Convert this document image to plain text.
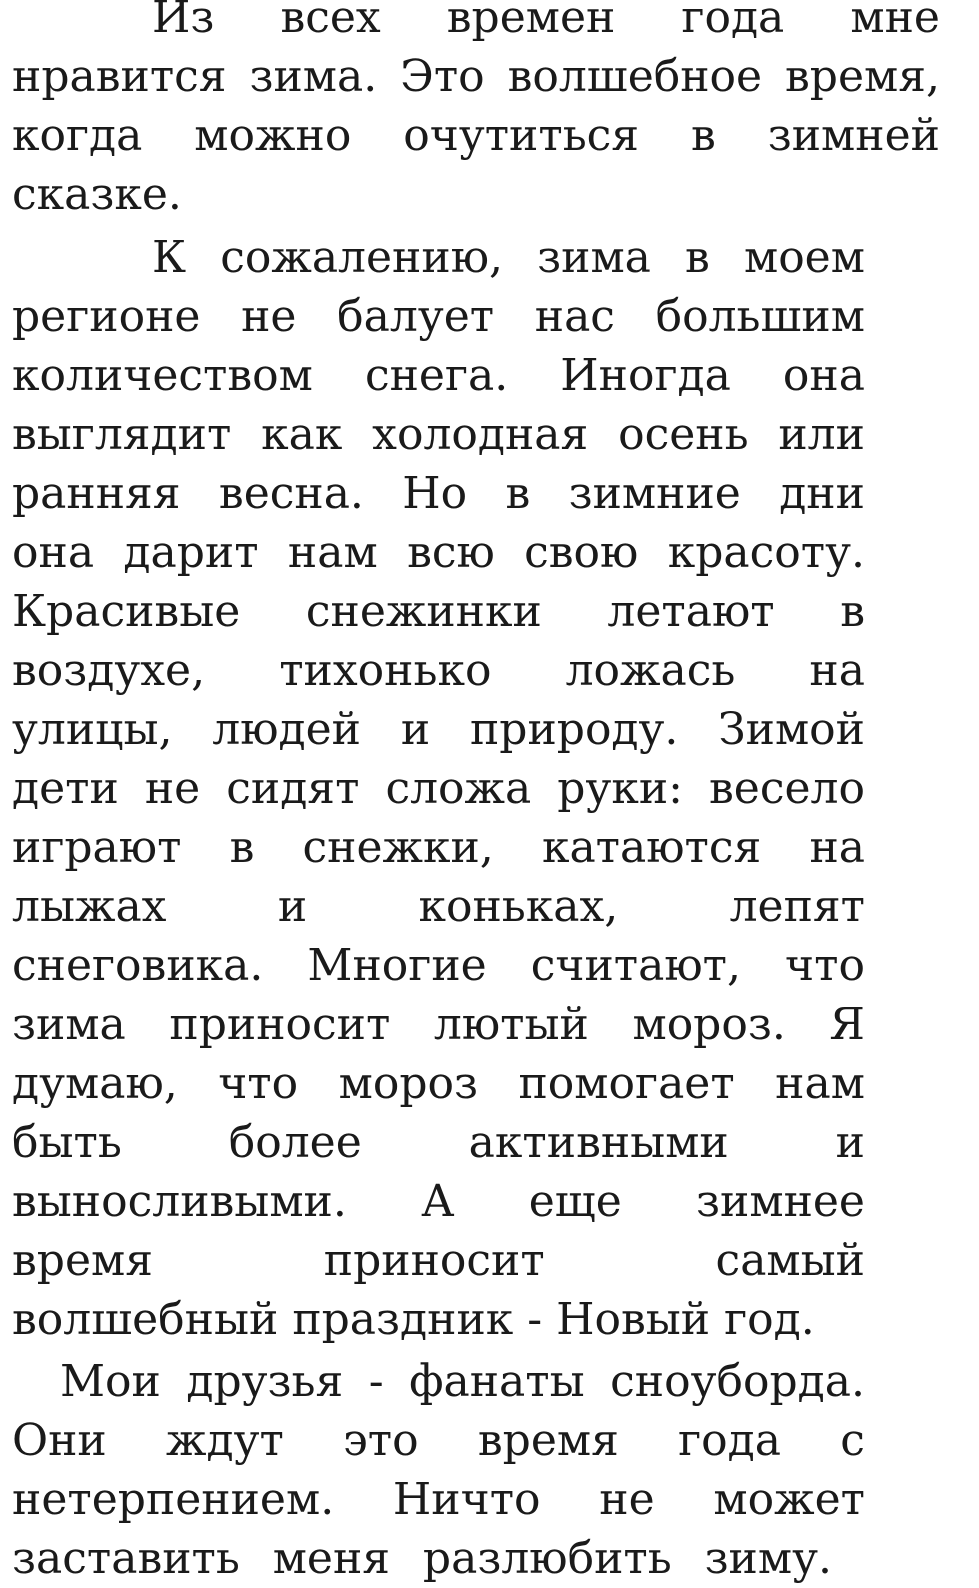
Из всех времен года мне
нравится зима. Это волшебное время,
когда можно очутиться в зимней
сказке.
К сожалению, зима в моем
регионе не балует нас большим
количеством снега. Иногда она
выглядит как холодная осень или
ранняя весна. Но в зимние дни
она дарит нам всю свою красоту.
Красивые снежинки летают в
воздухе, тихонько ложась на
улицы, людей и природу. Зимой
дети не сидят сложа руки: весело
играют в снежки, катаются на
лыжах	и	коньках,	лепят
снеговика. Многие считают, что
зима приносит лютый мороз. Я
думаю, что мороз помогает нам
быть более активными и
выносливыми. А еще зимнее
время	приносит	самый
волшебный праздник - Новый год.
Мои друзья - фанаты сноуборда.
Они ждут это время года с
нетерпением. Ничто не может
заставить меня разлюбить зиму.
